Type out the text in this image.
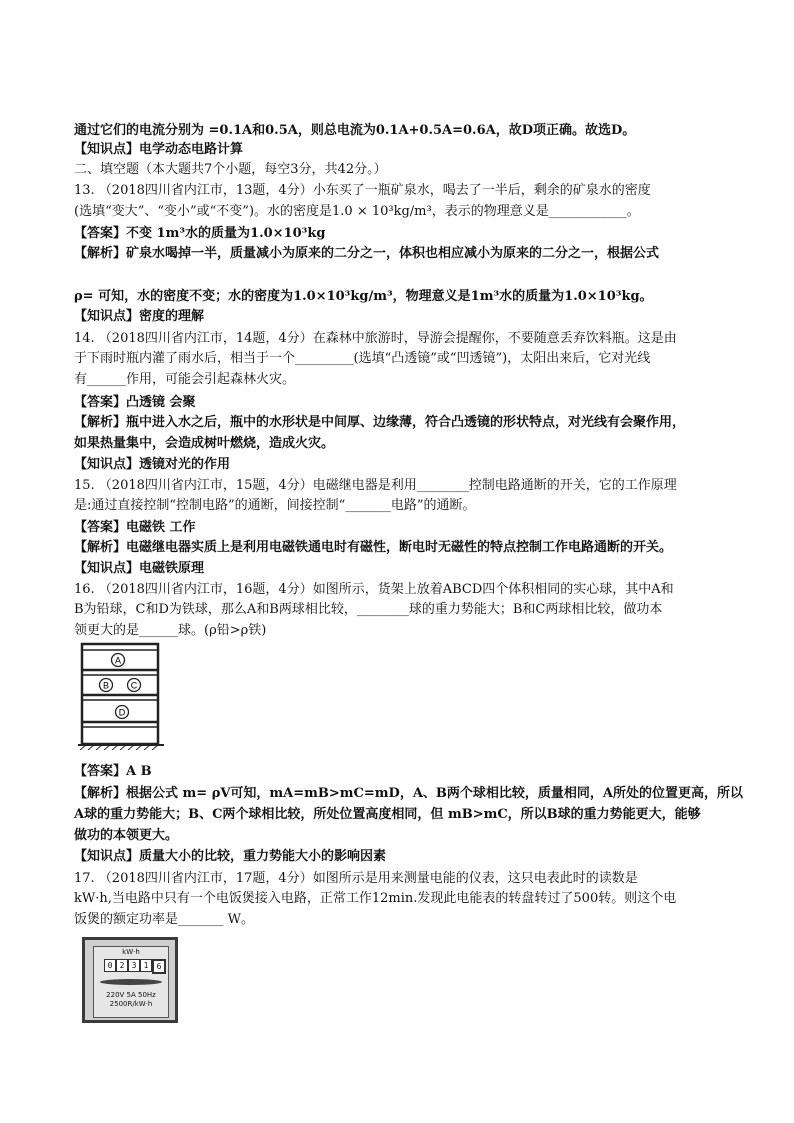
通过它们的电流分别为 =0.1A和0.5A，则总电流为0.1A+0.5A=0.6A，故D项正确。故选D。
【知识点】电学动态电路计算
二、填空题（本大题共7个小题，每空3分，共42分。）
13. （2018四川省内江市，13题，4分）小东买了一瓶矿泉水，喝去了一半后，剩余的矿泉水的密度
(选填“变大”、“变小”或“不变”)。水的密度是1.0 × 10³kg/m³，表示的物理意义是____________。
【答案】不变 1m³水的质量为1.0×10³kg
【解析】矿泉水喝掉一半，质量减小为原来的二分之一，体积也相应减小为原来的二分之一，根据公式
ρ= 可知，水的密度不变；水的密度为1.0×10³kg/m³，物理意义是1m³水的质量为1.0×10³kg。
【知识点】密度的理解
14. （2018四川省内江市，14题，4分）在森林中旅游时，导游会提醒你，不要随意丢弃饮料瓶。这是由
于下雨时瓶内灌了雨水后，相当于一个_________(选填“凸透镜”或“凹透镜”)，太阳出来后，它对光线
有______作用，可能会引起森林火灾。
【答案】凸透镜 会聚
【解析】瓶中进入水之后，瓶中的水形状是中间厚、边缘薄，符合凸透镜的形状特点，对光线有会聚作用，
如果热量集中，会造成树叶燃烧，造成火灾。
【知识点】透镜对光的作用
15. （2018四川省内江市，15题，4分）电磁继电器是利用________控制电路通断的开关，它的工作原理
是:通过直接控制“控制电路”的通断，间接控制“_______电路”的通断。
【答案】电磁铁 工作
【解析】电磁继电器实质上是利用电磁铁通电时有磁性，断电时无磁性的特点控制工作电路通断的开关。
【知识点】电磁铁原理
16. （2018四川省内江市，16题，4分）如图所示，货架上放着ABCD四个体积相同的实心球，其中A和
B为铅球，C和D为铁球，那么A和B两球相比较，________球的重力势能大；B和C两球相比较，做功本
领更大的是______球。(ρ铅>ρ铁)
【答案】A B
【解析】根据公式 m= ρV可知，mA=mB>mC=mD，A、B两个球相比较，质量相同，A所处的位置更高，所以
A球的重力势能大；B、C两个球相比较，所处位置高度相同，但 mB>mC，所以B球的重力势能更大，能够
做功的本领更大。
【知识点】质量大小的比较，重力势能大小的影响因素
17. （2018四川省内江市，17题，4分）如图所示是用来测量电能的仪表，这只电表此时的读数是
kW·h,当电路中只有一个电饭煲接入电路，正常工作12min.发现此电能表的转盘转过了500转。则这个电
饭煲的额定功率是_______ W。
A
B C
D
kW·h
0 2 3 1	6
220V 5A 50Hz
2500R/kW·h
